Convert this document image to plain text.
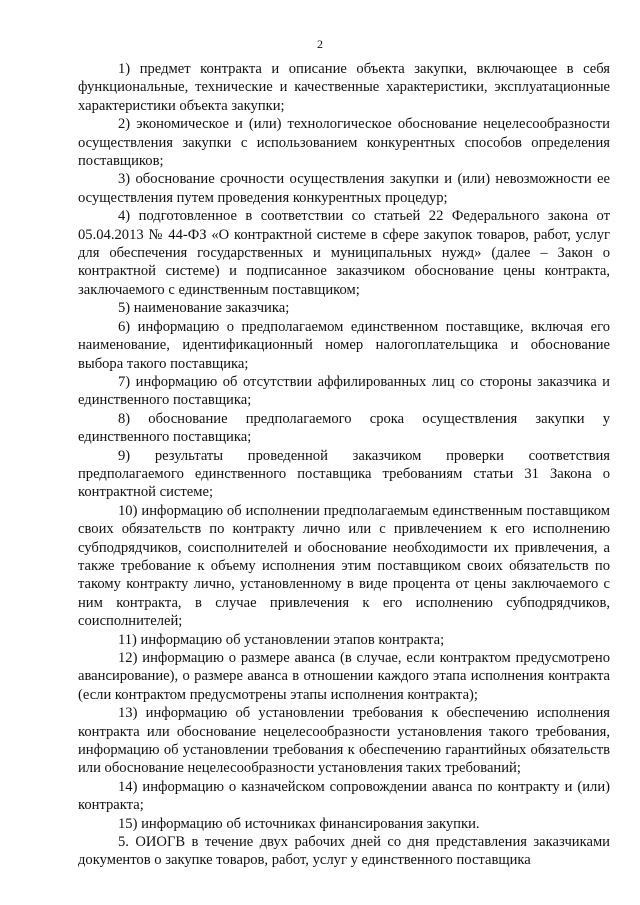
2

1) предмет контракта и описание объекта закупки, включающее в себя функциональные, технические и качественные характеристики, эксплуатационные характеристики объекта закупки;

2) экономическое и (или) технологическое обоснование нецелесообразности осуществления закупки с использованием конкурентных способов определения поставщиков;

3) обоснование срочности осуществления закупки и (или) невозможности ее осуществления путем проведения конкурентных процедур;

4) подготовленное в соответствии со статьей 22 Федерального закона от 05.04.2013 № 44-ФЗ «О контрактной системе в сфере закупок товаров, работ, услуг для обеспечения государственных и муниципальных нужд» (далее – Закон о контрактной системе) и подписанное заказчиком обоснование цены контракта, заключаемого с единственным поставщиком;

5) наименование заказчика;

6) информацию о предполагаемом единственном поставщике, включая его наименование, идентификационный номер налогоплательщика и обоснование выбора такого поставщика;

7) информацию об отсутствии аффилированных лиц со стороны заказчика и единственного поставщика;

8) обоснование предполагаемого срока осуществления закупки у единственного поставщика;

9) результаты проведенной заказчиком проверки соответствия предполагаемого единственного поставщика требованиям статьи 31 Закона о контрактной системе;

10) информацию об исполнении предполагаемым единственным поставщиком своих обязательств по контракту лично или с привлечением к его исполнению субподрядчиков, соисполнителей и обоснование необходимости их привлечения, а также требование к объему исполнения этим поставщиком своих обязательств по такому контракту лично, установленному в виде процента от цены заключаемого с ним контракта, в случае привлечения к его исполнению субподрядчиков, соисполнителей;

11) информацию об установлении этапов контракта;

12) информацию о размере аванса (в случае, если контрактом предусмотрено авансирование), о размере аванса в отношении каждого этапа исполнения контракта (если контрактом предусмотрены этапы исполнения контракта);

13) информацию об установлении требования к обеспечению исполнения контракта или обоснование нецелесообразности установления такого требования, информацию об установлении требования к обеспечению гарантийных обязательств или обоснование нецелесообразности установления таких требований;

14) информацию о казначейском сопровождении аванса по контракту и (или) контракта;

15) информацию об источниках финансирования закупки.

5. ОИОГВ в течение двух рабочих дней со дня представления заказчиками документов о закупке товаров, работ, услуг у единственного поставщика
